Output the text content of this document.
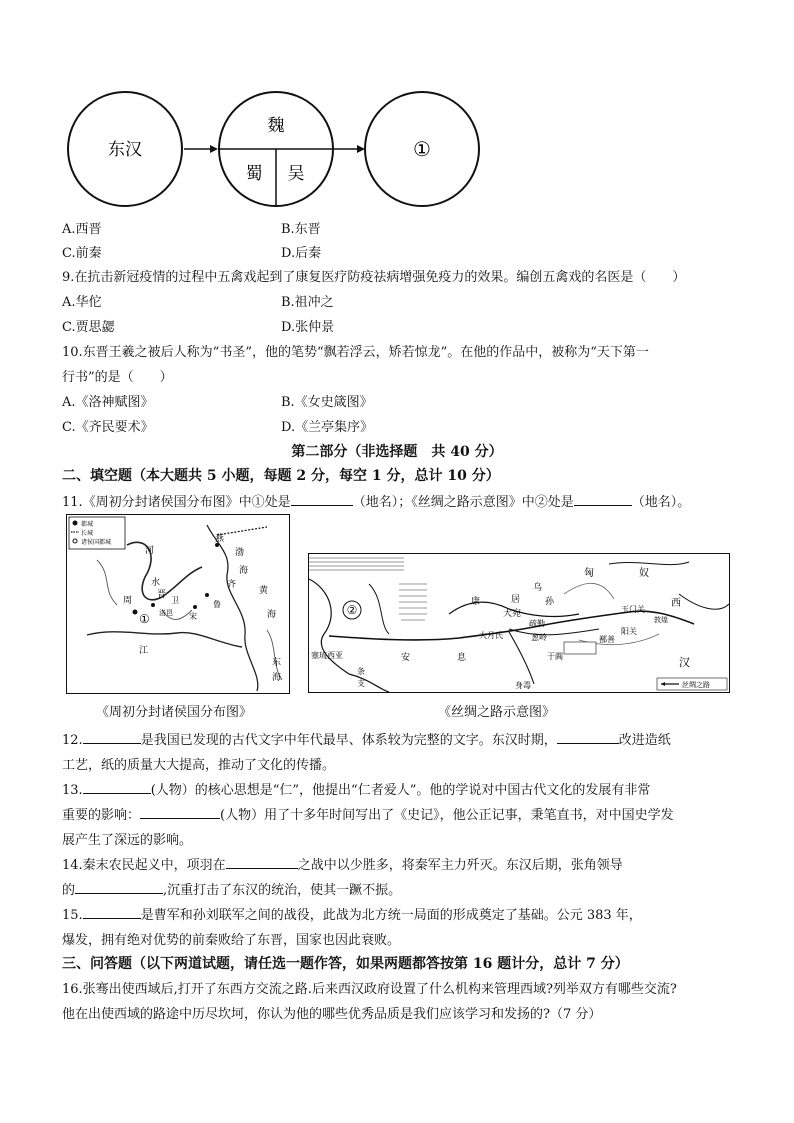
东汉
魏
蜀 吴
①
A.西晋	B.东晋
C.前秦	D.后秦
9.在抗击新冠疫情的过程中五禽戏起到了康复医疗防疫祛病增强免疫力的效果。编创五禽戏的名医是（　　）
A.华佗	B.祖冲之
C.贾思勰	D.张仲景
10.东晋王羲之被后人称为“书圣”，他的笔势“飘若浮云，矫若惊龙”。在他的作品中，被称为“天下第一
行书”的是（　　）
A.《洛神赋图》	B.《女史箴图》
C.《齐民要术》	D.《兰亭集序》
第二部分（非选择题　共 40 分）
二、填空题（本大题共 5 小题，每题 2 分，每空 1 分，总计 10 分）
11.《周初分封诸侯国分布图》中①处是	（地名）；《丝绸之路示意图》中②处是	（地名）。
都城
长城
诸侯国都城
河
燕
渤
海
齐
晋
周	卫
洛邑 宋
鲁
黄
海
江
东
海
①
水
②
匈	奴
康	居
乌
孙
大宛
疏勒
葱岭
大月氏
玉门关
阳关
敦煌
鄯善
于阗
塞琉西亚	安	息
条
支	身毒
西
汉
丝绸之路
《周初分封诸侯国分布图》	《丝绸之路示意图》
12.	是我国已发现的古代文字中年代最早、体系较为完整的文字。东汉时期，	改进造纸
工艺，纸的质量大大提高，推动了文化的传播。
13.	(人物）的核心思想是“仁”，他提出“仁者爱人”。他的学说对中国古代文化的发展有非常
重要的影响：	(人物）用了十多年时间写出了《史记》，他公正记事，秉笔直书，对中国史学发
展产生了深远的影响。
14.秦末农民起义中，项羽在	之战中以少胜多，将秦军主力歼灭。东汉后期，张角领导
的	,沉重打击了东汉的统治，使其一蹶不振。
15.	是曹军和孙刘联军之间的战役，此战为北方统一局面的形成奠定了基础。公元 383 年，
爆发，拥有绝对优势的前秦败给了东晋，国家也因此衰败。
三、问答题（以下两道试题，请任选一题作答，如果两题都答按第 16 题计分，总计 7 分）
16.张骞出使西域后,打开了东西方交流之路.后来西汉政府设置了什么机构来管理西域?列举双方有哪些交流?
他在出使西域的路途中历尽坎坷，你认为他的哪些优秀品质是我们应该学习和发扬的?（7 分）
